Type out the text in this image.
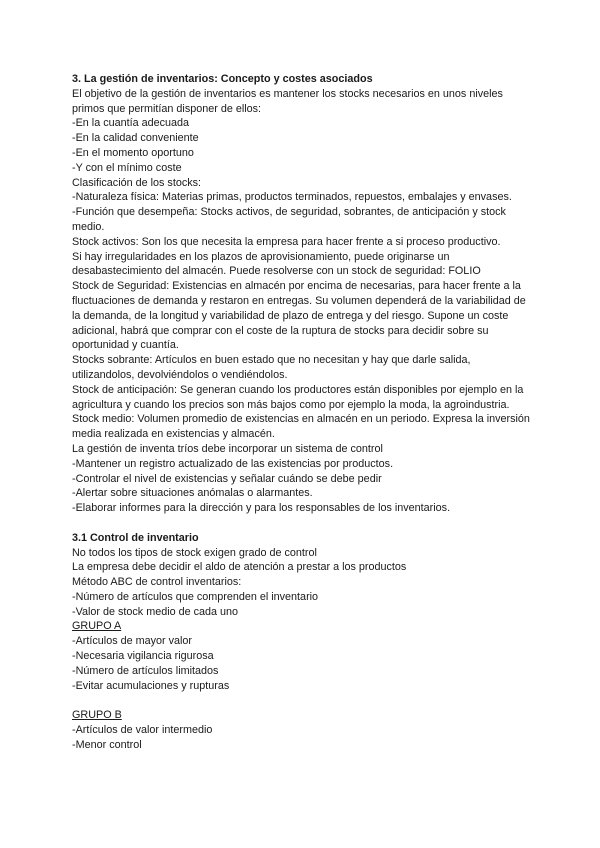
3. La gestión de inventarios: Concepto y costes asociados
El objetivo de la gestión de inventarios es mantener los stocks necesarios en unos niveles primos que permitían disponer de ellos:
-En la cuantía adecuada
-En la calidad conveniente
-En el momento oportuno
-Y con el mínimo coste
Clasificación de los stocks:
-Naturaleza física: Materias primas, productos terminados, repuestos, embalajes y envases.
-Función que desempeña: Stocks activos, de seguridad, sobrantes, de anticipación y stock medio.
Stock activos: Son los que necesita la empresa para hacer frente a si proceso productivo.
Si hay irregularidades en los plazos de aprovisionamiento, puede originarse un desabastecimiento del almacén. Puede resolverse con un stock de seguridad: FOLIO
Stock de Seguridad: Existencias en almacén por encima de necesarias, para hacer frente a la fluctuaciones de demanda y restaron en entregas. Su volumen dependerá de la variabilidad de la demanda, de la longitud y variabilidad de plazo de entrega y del riesgo. Supone un coste adicional, habrá que comprar con el coste de la ruptura de stocks para decidir sobre su oportunidad y cuantía.
Stocks sobrante: Artículos en buen estado que no necesitan y hay que darle salida, utilizandolos, devolviéndolos o vendiéndolos.
Stock de anticipación: Se generan cuando los productores están disponibles por ejemplo en la agricultura y cuando los precios son más bajos como por ejemplo la moda, la agroindustria.
Stock medio: Volumen promedio de existencias en almacén en un periodo. Expresa la inversión media realizada en existencias y almacén.
La gestión de inventa tríos debe incorporar un sistema de control
-Mantener un registro actualizado de las existencias por productos.
-Controlar el nivel de existencias y señalar cuándo se debe pedir
-Alertar sobre situaciones anómalas o alarmantes.
-Elaborar informes para la dirección y para los responsables de los inventarios.
3.1 Control de inventario
No todos los tipos de stock exigen grado de control
La empresa debe decidir el aldo de atención a prestar a los productos
Método ABC de control inventarios:
-Número de artículos que comprenden el inventario
-Valor de stock medio de cada uno
GRUPO A
-Artículos de mayor valor
-Necesaria vigilancia rigurosa
-Número de artículos limitados
-Evitar acumulaciones y rupturas
GRUPO B
-Artículos de valor intermedio
-Menor control
